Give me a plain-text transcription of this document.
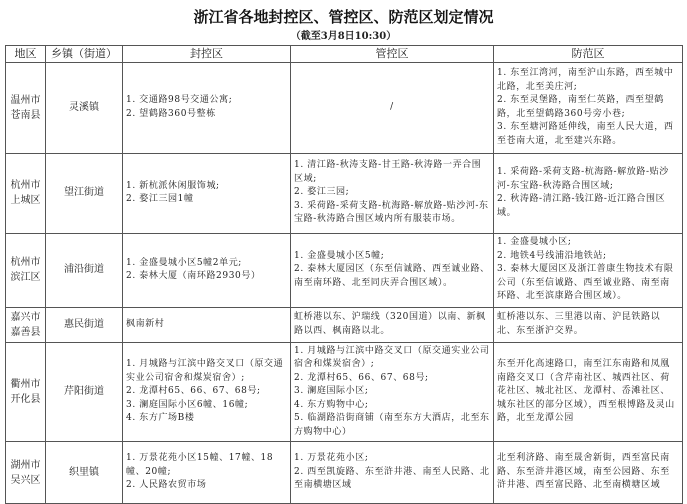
浙江省各地封控区、管控区、防范区划定情况
（截至3月8日10:30）
地区	乡镇（街道）	封控区	管控区	防范区

温州市
苍南县	灵溪镇	1. 交通路98号交通公寓;
2. 望鹤路360号整栋	/	1. 东至江湾河，南至沪山东路，西至城中北路，北至美庄河;
2. 东至灵堡路，南至仁英路，西至望鹤路，北至望鹤路360号旁小巷;
3. 东至塘河路延伸线，南至人民大道，西至苍南大道，北至建兴东路。

杭州市
上城区	望江街道	1. 新杭派休闲服饰城;
2. 婺江三园1幢	1. 清江路-秋涛支路-甘王路-秋涛路一弄合围区域;
2. 婺江三园;
3. 采荷路-采荷支路-杭海路-解放路-贴沙河-东宝路-秋涛路合围区域内所有服装市场。	1. 采荷路-采荷支路-杭海路-解放路-贴沙河-东宝路-秋涛路合围区域;
2. 秋涛路-清江路-钱江路-近江路合围区域。

杭州市
滨江区	浦沿街道	1. 金盛曼城小区5幢2单元;
2. 泰林大厦（南环路2930号）	1. 金盛曼城小区5幢;
2. 泰林大厦园区（东至信诚路、西至诚业路、南至南环路、北至同庆弄合围区域）。	1. 金盛曼城小区;
2. 地铁4号线浦沿地铁站;
3. 泰林大厦园区及浙江普康生物技术有限公司（东至信诚路、西至诚业路、南至南环路、北至滨康路合围区域）。

嘉兴市
嘉善县	惠民街道	枫南新村	虹桥港以东、沪瑞线（320国道）以南、新枫路以西、枫南路以北。	虹桥港以东、三里港以南、沪昆铁路以北、东至浙沪交界。

衢州市
开化县	芹阳街道	1. 月城路与江滨中路交叉口（原交通实业公司宿舍和煤炭宿舍）;
2. 龙潭村65、66、67、68号;
3. 澜庭国际小区6幢、16幢;
4. 东方广场B楼	1. 月城路与江滨中路交叉口（原交通实业公司宿舍和煤炭宿舍）;
2. 龙潭村65、66、67、68号;
3. 澜庭国际小区;
4. 东方购物中心;
5. 临湖路沿街商铺（南至东方大酒店，北至东方购物中心）	东至开化高速路口，南至江东南路和凤凰南路交叉口（含芹南社区、城西社区、荷花社区、城北社区、龙潭村、岙滩社区、城东社区的部分区域），西至根博路及灵山路，北至龙潭公园

湖州市
吴兴区	织里镇	1. 万景花苑小区15幢、17幢、18幢、20幢;
2. 人民路农贸市场	1. 万景花苑小区;
2. 西至凯旋路、东至浒井港、南至人民路、北至南横塘区域	北至利济路、南至晟舍新街，西至富民南路、东至浒井港区域，南至公园路、东至浒井港、西至富民路、北至南横塘区域
